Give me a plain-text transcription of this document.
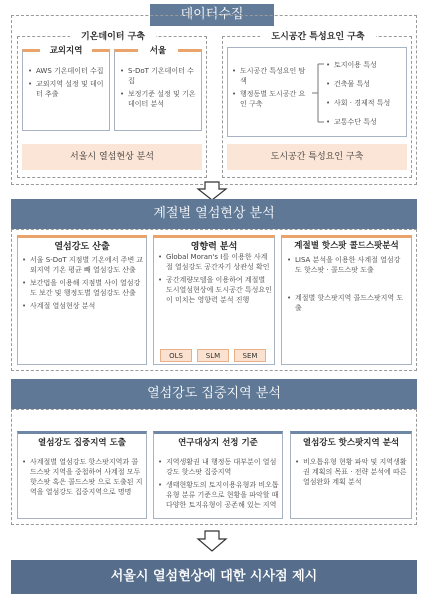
데이터수집
기온데이터 구축
교외지역
• AWS 기온데이터 수집
• 교외지역 설정 및 데이터 추출
서울
• S-DoT 기온데이터 수집
• 보정기준 설정 및 기온데이터 분석
서울시 열섬현상 분석
도시공간 특성요인 구축
• 도시공간 특성요인 탐색
• 행정동별 도시공간 요인 구축
• 토지이용 특성
• 건축물 특성
• 사회 · 경제적 특성
• 교통수단 특성
도시공간 특성요인 구축
계절별 열섬현상 분석
열섬강도 산출
• 서울 S-DoT 지점별 기온에서 주변 교외지역 기온 평균 빼 열섬강도 산출
• 보간법을 이용해 지점별 사이 열섬강도 보간 및 행정도별 열섬강도 산출
• 사계절 열섬현상 분석
영향력 분석
• Global Moran's I를 이용한 사계절 열섬강도 공간자기 상관성 확인
• 공간계량모델을 이용하여 계절별 도시열섬현상에 도시공간 특성요인이 미치는 영향력 분석 진행
OLS	SLM	SEM
계절별 핫스팟 콜드스팟분석
• LISA 분석을 이용한 사계절 열섬강도 핫스팟 · 콜드스팟 도출
• 계절별 핫스팟지역 콜드스팟지역 도출
열섬강도 집중지역 분석
열섬강도 집중지역 도출
• 사계절별 열섬강도 핫스팟지역과 콜드스팟 지역을 중첩하여 사계절 모두 핫스팟 혹은 콜드스팟 으로 도출된 지역을 열섬강도 집중지역으로 명명
연구대상지 선정 기준
• 지역생활권 내 행정동 대부분이 열섬강도 핫스팟 집중지역
• 생태현황도의 토지이용유형과 비오톱유형 분류 기준으로 현황을 파악할 때 다양한 토지유형이 공존해 있는 지역
열섬강도 핫스팟지역 분석
• 비오톱유형 현황 파악 및 지역생활권 계획의 목표 · 전략 분석에 따른 열섬완화 계획 분석
서울시 열섬현상에 대한 시사점 제시
